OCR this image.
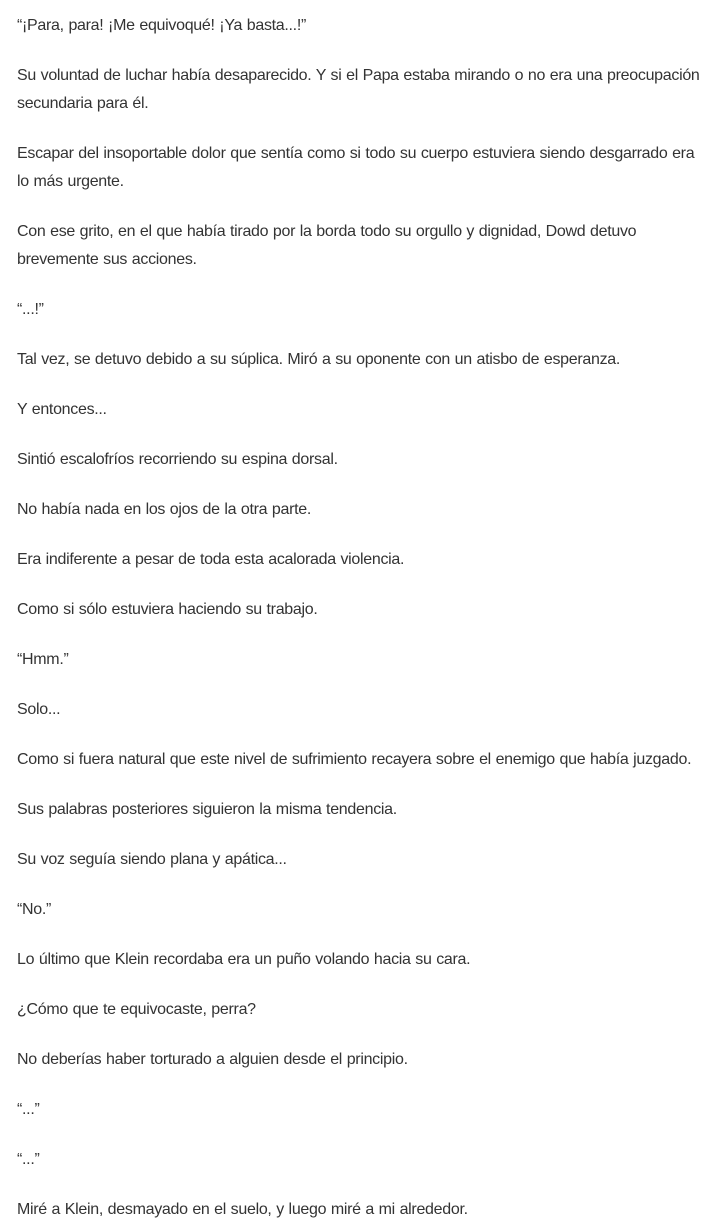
“¡Para, para! ¡Me equivoqué! ¡Ya basta...!”

Su voluntad de luchar había desaparecido. Y si el Papa estaba mirando o no era una preocupación secundaria para él.

Escapar del insoportable dolor que sentía como si todo su cuerpo estuviera siendo desgarrado era lo más urgente.

Con ese grito, en el que había tirado por la borda todo su orgullo y dignidad, Dowd detuvo brevemente sus acciones.

“...!”

Tal vez, se detuvo debido a su súplica. Miró a su oponente con un atisbo de esperanza.

Y entonces...

Sintió escalofríos recorriendo su espina dorsal.

No había nada en los ojos de la otra parte.

Era indiferente a pesar de toda esta acalorada violencia.

Como si sólo estuviera haciendo su trabajo.

“Hmm.”

Solo...

Como si fuera natural que este nivel de sufrimiento recayera sobre el enemigo que había juzgado.

Sus palabras posteriores siguieron la misma tendencia.

Su voz seguía siendo plana y apática...

“No.”

Lo último que Klein recordaba era un puño volando hacia su cara.

¿Cómo que te equivocaste, perra?

No deberías haber torturado a alguien desde el principio.

“...”

“...”

Miré a Klein, desmayado en el suelo, y luego miré a mi alrededor.
